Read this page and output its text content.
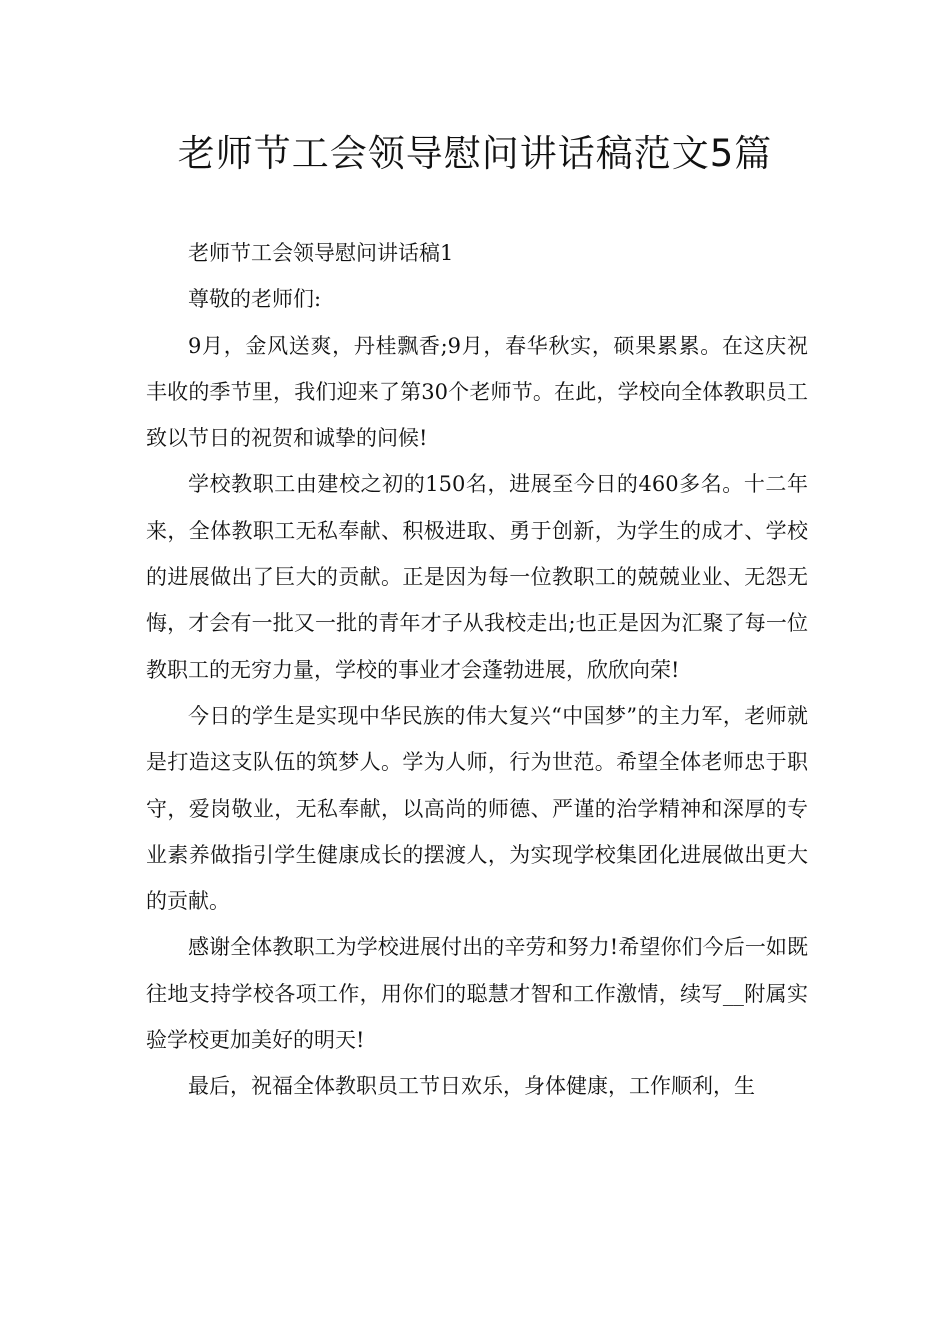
老师节工会领导慰问讲话稿范文5篇

老师节工会领导慰问讲话稿1

尊敬的老师们:

9月，金风送爽，丹桂飘香;9月，春华秋实，硕果累累。在这庆祝丰收的季节里，我们迎来了第30个老师节。在此，学校向全体教职员工致以节日的祝贺和诚挚的问候!

学校教职工由建校之初的150名，进展至今日的460多名。十二年来，全体教职工无私奉献、积极进取、勇于创新，为学生的成才、学校的进展做出了巨大的贡献。正是因为每一位教职工的兢兢业业、无怨无悔，才会有一批又一批的青年才子从我校走出;也正是因为汇聚了每一位教职工的无穷力量，学校的事业才会蓬勃进展，欣欣向荣!

今日的学生是实现中华民族的伟大复兴“中国梦”的主力军，老师就是打造这支队伍的筑梦人。学为人师，行为世范。希望全体老师忠于职守，爱岗敬业，无私奉献，以高尚的师德、严谨的治学精神和深厚的专业素养做指引学生健康成长的摆渡人，为实现学校集团化进展做出更大的贡献。

感谢全体教职工为学校进展付出的辛劳和努力!希望你们今后一如既往地支持学校各项工作，用你们的聪慧才智和工作激情，续写__附属实验学校更加美好的明天!

最后，祝福全体教职员工节日欢乐，身体健康，工作顺利，生
